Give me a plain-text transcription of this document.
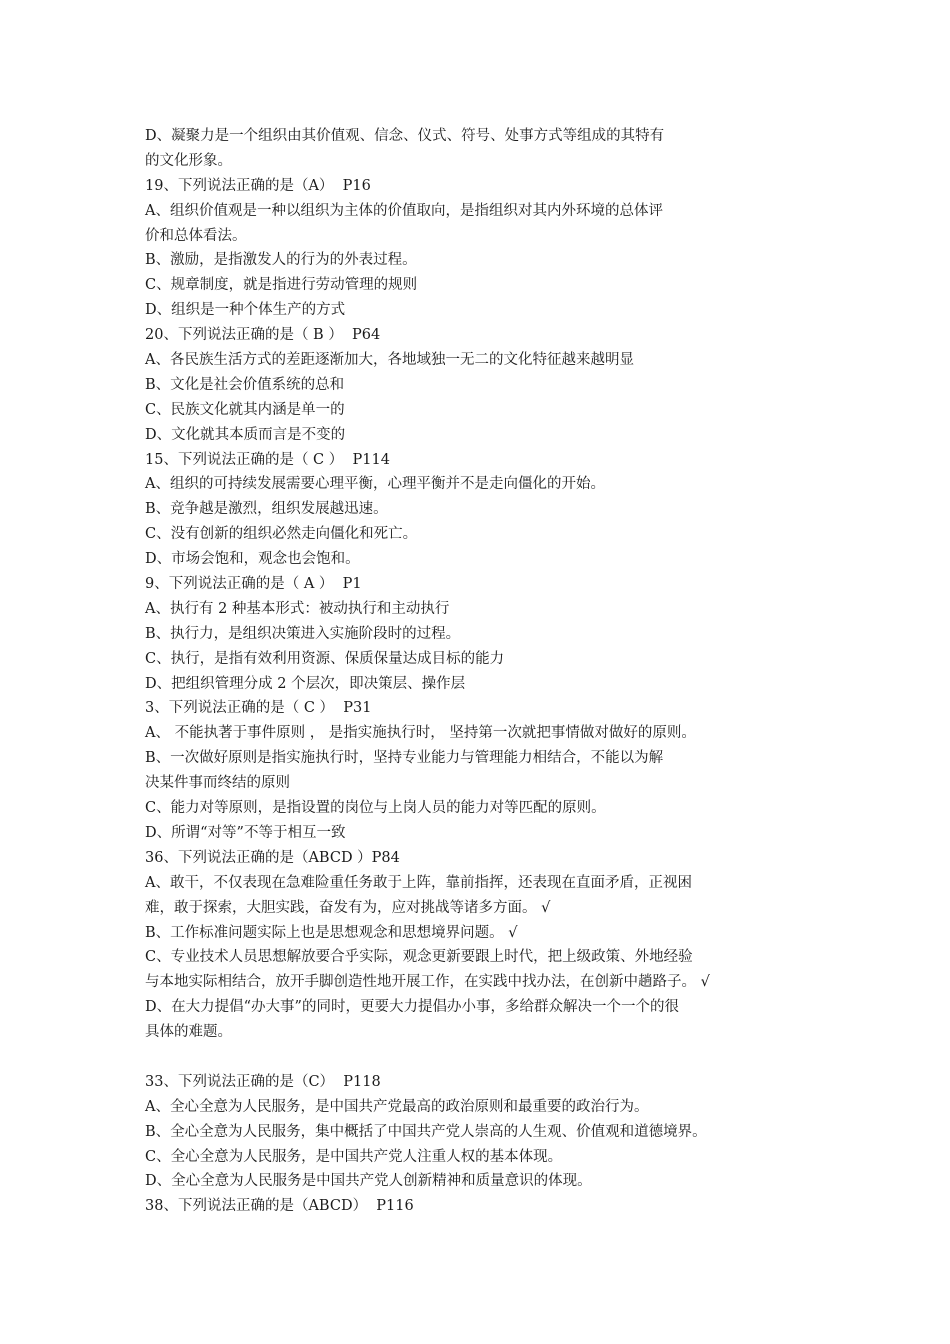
D、凝聚力是一个组织由其价值观、信念、仪式、符号、处事方式等组成的其特有
的文化形象。
19、下列说法正确的是（A）  P16
A、组织价值观是一种以组织为主体的价值取向，是指组织对其内外环境的总体评
价和总体看法。
B、激励，是指激发人的行为的外表过程。
C、规章制度，就是指进行劳动管理的规则
D、组织是一种个体生产的方式
20、下列说法正确的是（ B ）  P64
A、各民族生活方式的差距逐渐加大，各地域独一无二的文化特征越来越明显
B、文化是社会价值系统的总和
C、民族文化就其内涵是单一的
D、文化就其本质而言是不变的
15、下列说法正确的是（ C ）  P114
A、组织的可持续发展需要心理平衡，心理平衡并不是走向僵化的开始。
B、竞争越是激烈，组织发展越迅速。
C、没有创新的组织必然走向僵化和死亡。
D、市场会饱和，观念也会饱和。
9、下列说法正确的是（ A ）  P1
A、执行有 2 种基本形式：被动执行和主动执行
B、执行力，是组织决策进入实施阶段时的过程。
C、执行，是指有效利用资源、保质保量达成目标的能力
D、把组织管理分成 2 个层次，即决策层、操作层
3、下列说法正确的是（ C ）  P31
A、 不能执著于事件原则 ， 是指实施执行时， 坚持第一次就把事情做对做好的原则。
B、一次做好原则是指实施执行时，坚持专业能力与管理能力相结合，不能以为解
决某件事而终结的原则
C、能力对等原则，是指设置的岗位与上岗人员的能力对等匹配的原则。
D、所谓“对等”不等于相互一致
36、下列说法正确的是（ABCD ）P84
A、敢干，不仅表现在急难险重任务敢于上阵，靠前指挥，还表现在直面矛盾，正视困
难，敢于探索，大胆实践，奋发有为，应对挑战等诸多方面。 √
B、工作标准问题实际上也是思想观念和思想境界问题。 √
C、专业技术人员思想解放要合乎实际，观念更新要跟上时代，把上级政策、外地经验
与本地实际相结合，放开手脚创造性地开展工作，在实践中找办法，在创新中趟路子。 √
D、在大力提倡“办大事”的同时，更要大力提倡办小事，多给群众解决一个一个的很
具体的难题。
33、下列说法正确的是（C）  P118
A、全心全意为人民服务，是中国共产党最高的政治原则和最重要的政治行为。
B、全心全意为人民服务，集中概括了中国共产党人崇高的人生观、价值观和道德境界。
C、全心全意为人民服务，是中国共产党人注重人权的基本体现。
D、全心全意为人民服务是中国共产党人创新精神和质量意识的体现。
38、下列说法正确的是（ABCD）  P116
